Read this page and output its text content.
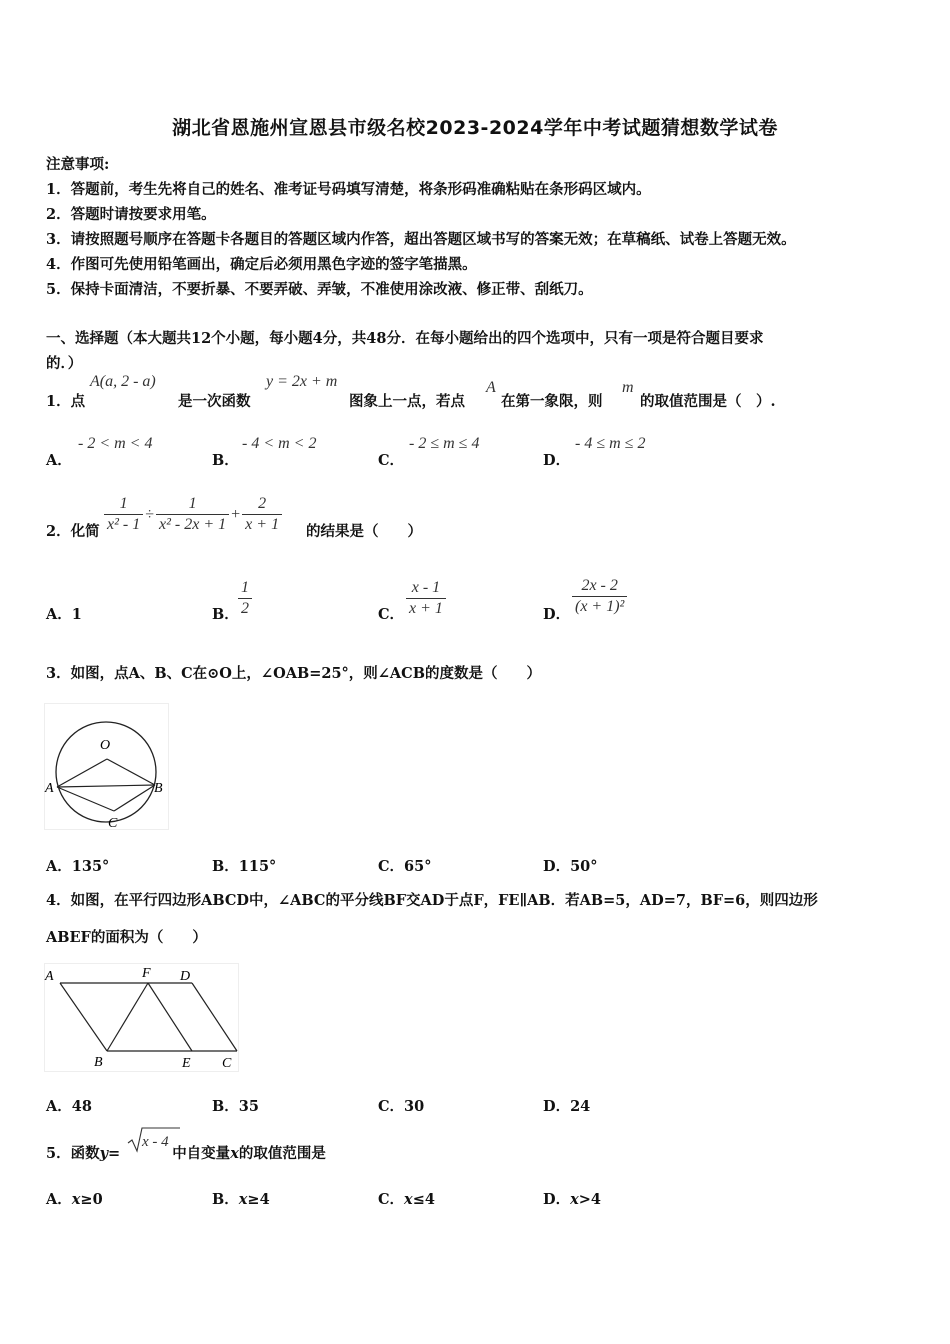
湖北省恩施州宣恩县市级名校2023-2024学年中考试题猜想数学试卷
注意事项:
1．答题前，考生先将自己的姓名、准考证号码填写清楚，将条形码准确粘贴在条形码区域内。
2．答题时请按要求用笔。
3．请按照题号顺序在答题卡各题目的答题区域内作答，超出答题区域书写的答案无效；在草稿纸、试卷上答题无效。
4．作图可先使用铅笔画出，确定后必须用黑色字迹的签字笔描黑。
5．保持卡面清洁，不要折暴、不要弄破、弄皱，不准使用涂改液、修正带、刮纸刀。
一、选择题（本大题共12个小题，每小题4分，共48分．在每小题给出的四个选项中，只有一项是符合题目要求
的．）
1．点
A(a, 2 - a)
是一次函数
y = 2x + m
图象上一点，若点
A
在第一象限，则
m
的取值范围是（　）.
A．
- 2 < m < 4
B．
- 4 < m < 2
C．
- 2 ≤ m ≤ 4
D．
- 4 ≤ m ≤ 2
2．化简 $\frac{1}{\text{x² - 1}} \div \frac{1}{\text{x² - 2x + 1}} + \frac{2}{x + 1}$ 的结果是（　　）
A．1	B． $\frac{1}{2}$	C． $\frac{x - 1}{x + 1}$	D． $\frac{2x - 2}{\text{(x + 1)²}}$
3．如图，点A、B、C在⊙O上，∠OAB=25°，则∠ACB的度数是（　　）
O
A	B
C
A．135°	B．115°	C．65°	D．50°
4．如图，在平行四边形ABCD中，∠ABC的平分线BF交AD于点F，FE∥AB．若AB=5，AD=7，BF=6，则四边形
ABEF的面积为（　　）
A	F D
B	E C
A．48	B．35	C．30	D．24
5．函数y=	中自变量x的取值范围是
x - 4
A．x≥0	B．x≥4	C．x≤4	D．x>4
